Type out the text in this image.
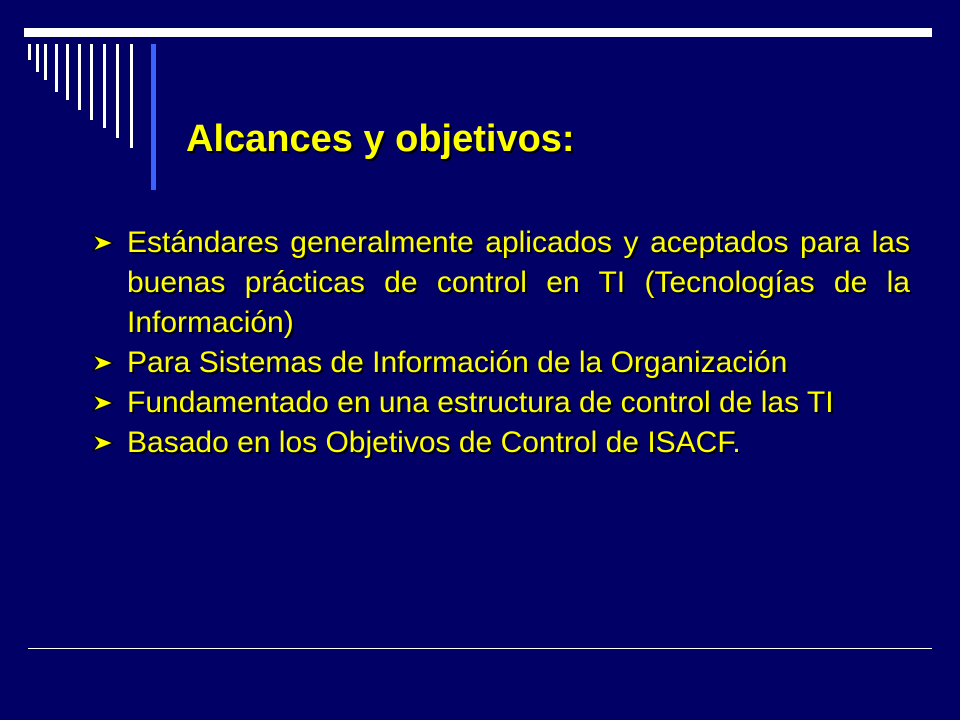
Alcances y objetivos:
Estándares generalmente aplicados y aceptados para las buenas prácticas de control en TI (Tecnologías de la Información)
Para Sistemas de Información de la Organización
Fundamentado en una estructura de control de las TI
Basado en los Objetivos de Control de ISACF.
